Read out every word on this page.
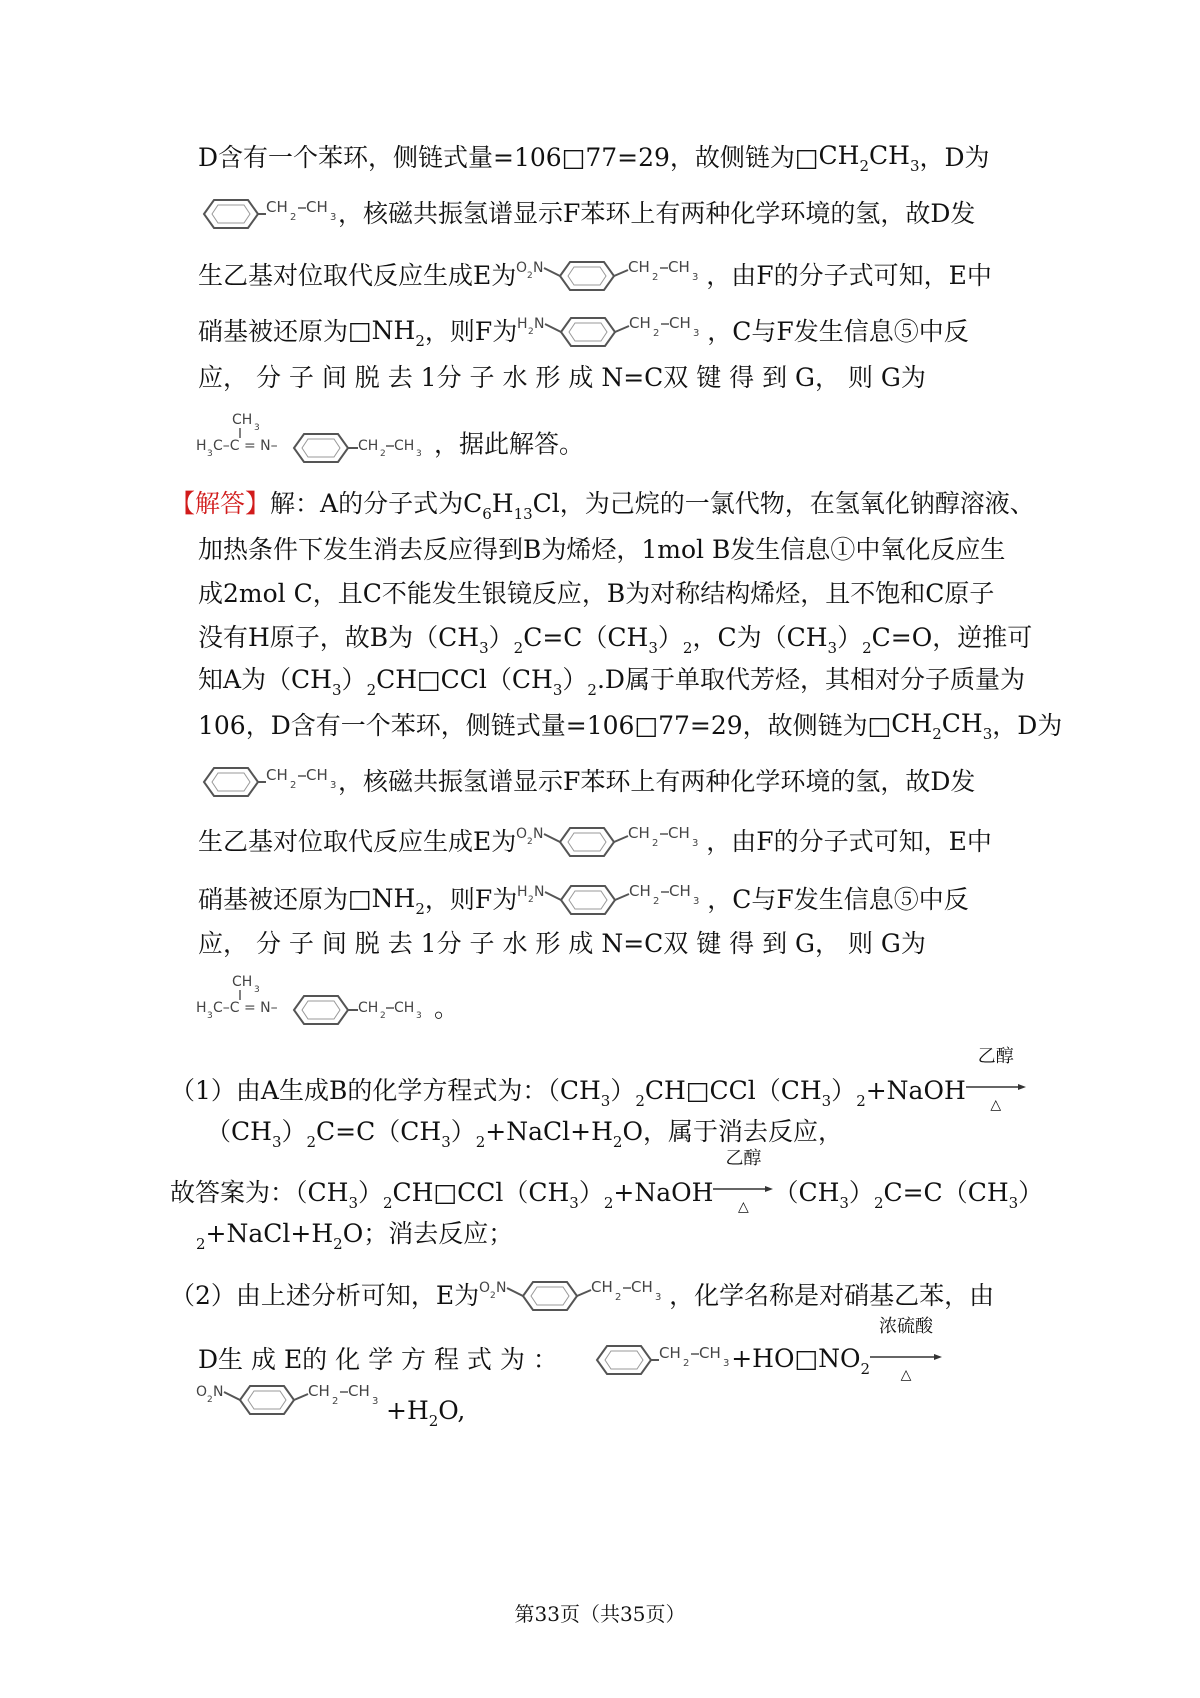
D含有一个苯环，侧链式量=106 □ 77=29，故侧链为 □ $CH_2CH_3$ ，D为
CH
2
CH
3 ，核磁共振氢谱显示F苯环上有两种化学环境的氢，故D发
生乙基对位取代反应生成E为 O 2 N	CH
2
CH
3 ，由F的分子式可知，E中
硝基被还原为 $□NH_2$ ，则F为 H 2 N	CH
2
CH
3 ，C与F发生信息⑤中反
应， 分 子 间 脱 去 1分 子 水 形 成 N=C双 键 得 到 G， 则 G为
CH 3
H 3 C–C = N–	CH 2 CH 3 ，据此解答。
【解答】解：A的分子式为$C_6H_{13}Cl$，为己烷的一氯代物，在氢氧化钠醇溶液、
加热条件下发生消去反应得到B为烯烃，1mol B发生信息①中氧化反应生
成2mol C，且C不能发生银镜反应，B为对称结构烯烃，且不饱和C原子
没有H原子，故B为$(CH_3)_2C=C(CH_3)_2$，C为$(CH_3)_2C=O$，逆推可
知A为$(CH_3)_2CH□CCl(CH_3)_2.D$属于单取代芳烃，其相对分子质量为
106，D含有一个苯环，侧链式量=106 □ 77=29，故侧链为 □ $CH_2CH_3$ ，D为
CH
2
CH
3 ，核磁共振氢谱显示F苯环上有两种化学环境的氢，故D发
生乙基对位取代反应生成E为 O 2 N	CH
2
CH
3 ，由F的分子式可知，E中
硝基被还原为 $□NH_2$ ，则F为 H 2 N	CH
2
CH
3 ，C与F发生信息⑤中反
应， 分 子 间 脱 去 1分 子 水 形 成 N=C双 键 得 到 G， 则 G为
CH 3
H 3 C–C = N–	CH 2 CH 3 。
（1）由A生成B的化学方程式为：$(CH_3)_2CH□CCl(CH_3)_2+NaOH$
乙醇
△
$(CH_3)_2C=C(CH_3)_2+NaCl+H_2O$，属于消去反应，
故答案为：$(CH_3)_2CH□CCl(CH_3)_2+NaOH$
乙醇
△
$(CH_3)_2C=C(CH_3)$
$_2+NaCl+H_2O$；消去反应；
（2）由上述分析可知，E为 O 2 N	CH
2
CH
3 ，化学名称是对硝基乙苯，由
D生 成 E的 化 学 方 程 式 为 ：	CH
2
CH
$3 +HO□NO_2$
浓硫酸
△
O 2 N	CH
2
CH
$3 +H_2O$,
第33页（共35页）
